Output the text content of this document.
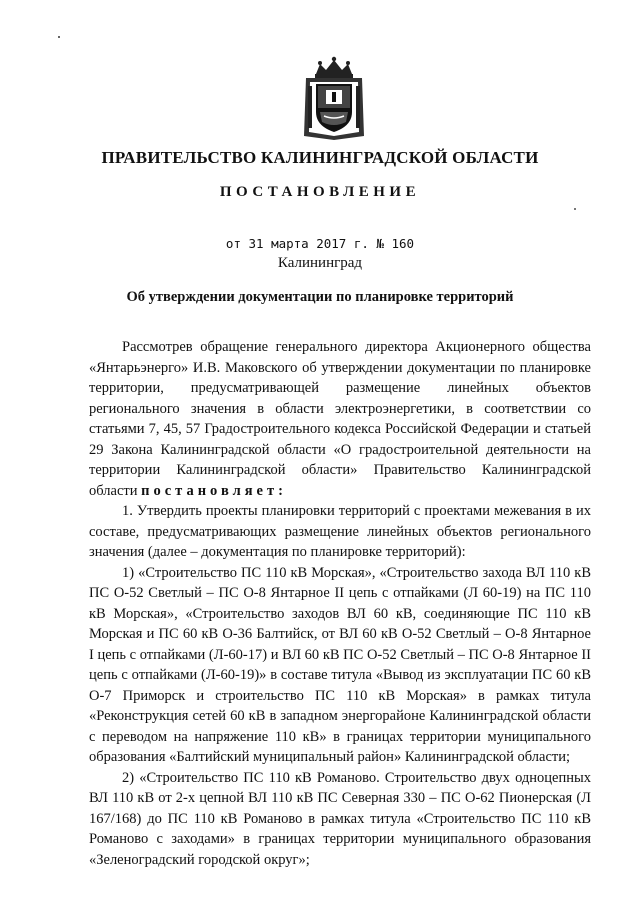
ПРАВИТЕЛЬСТВО КАЛИНИНГРАДСКОЙ ОБЛАСТИ
ПОСТАНОВЛЕНИЕ
от 31 марта 2017 г. № 160
Калининград
Об утверждении документации по планировке территорий

Рассмотрев обращение генерального директора Акционерного общества «Янтарьэнерго» И.В. Маковского об утверждении документации по планировке территории, предусматривающей размещение линейных объектов регионального значения в области электроэнергетики, в соответствии со статьями 7, 45, 57 Градостроительного кодекса Российской Федерации и статьей 29 Закона Калининградской области «О градостроительной деятельности на территории Калининградской области» Правительство Калининградской области постановляет:

1. Утвердить проекты планировки территорий с проектами межевания в их составе, предусматривающих размещение линейных объектов регионального значения (далее – документация по планировке территорий):

1) «Строительство ПС 110 кВ Морская», «Строительство захода ВЛ 110 кВ ПС О-52 Светлый – ПС О-8 Янтарное II цепь с отпайками (Л 60-19) на ПС 110 кВ Морская», «Строительство заходов ВЛ 60 кВ, соединяющие ПС 110 кВ Морская и ПС 60 кВ О-36 Балтийск, от ВЛ 60 кВ О-52 Светлый – О-8 Янтарное I цепь с отпайками (Л-60-17) и ВЛ 60 кВ ПС О-52 Светлый – ПС О-8 Янтарное II цепь с отпайками (Л-60-19)» в составе титула «Вывод из эксплуатации ПС 60 кВ О-7 Приморск и строительство ПС 110 кВ Морская» в рамках титула «Реконструкция сетей 60 кВ в западном энергорайоне Калининградской области с переводом на напряжение 110 кВ» в границах территории муниципального образования «Балтийский муниципальный район» Калининградской области;

2) «Строительство ПС 110 кВ Романово. Строительство двух одноцепных ВЛ 110 кВ от 2-х цепной ВЛ 110 кВ ПС Северная 330 – ПС О-62 Пионерская (Л 167/168) до ПС 110 кВ Романово в рамках титула «Строительство ПС 110 кВ Романово с заходами» в границах территории муниципального образования «Зеленоградский городской округ»;
